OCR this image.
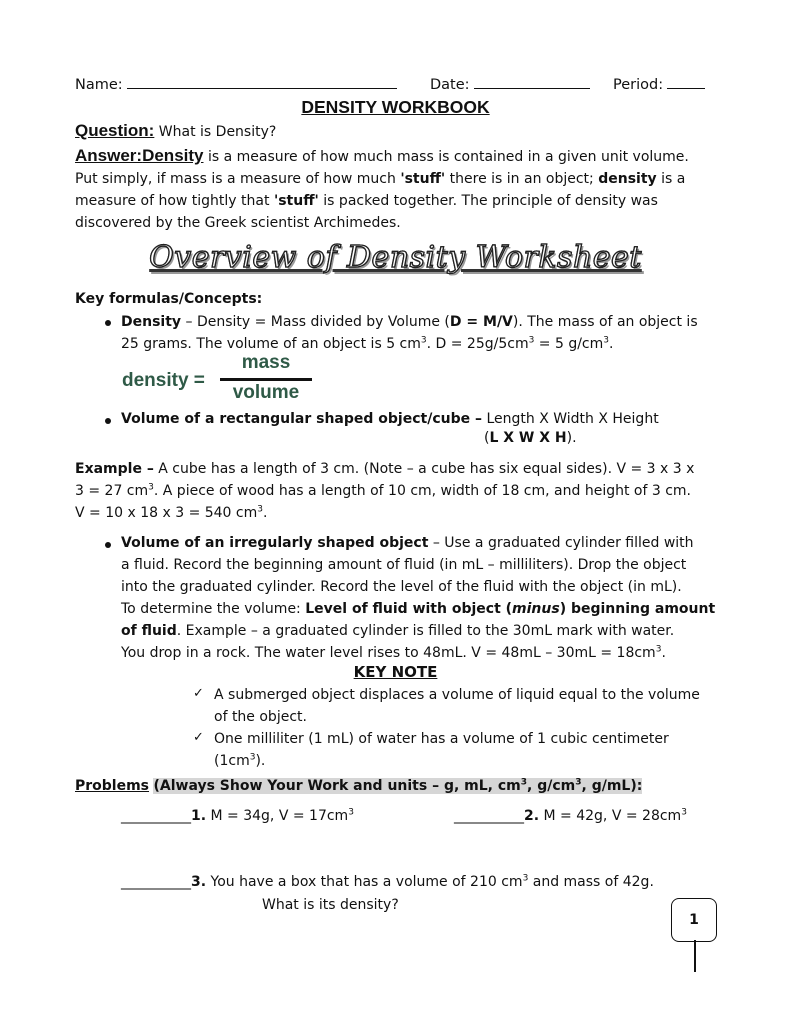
Name:	Date:	Period:
DENSITY WORKBOOK
Question: What is Density?
Answer:Density is a measure of how much mass is contained in a given unit volume.
Put simply, if mass is a measure of how much 'stuff' there is in an object; density is a
measure of how tightly that 'stuff' is packed together. The principle of density was
discovered by the Greek scientist Archimedes.
Overview of Density Worksheet
Key formulas/Concepts:
Density – Density = Mass divided by Volume (D = M/V). The mass of an object is
25 grams. The volume of an object is 5 $cm^3$. $D = 25g/5cm^3 = 5$ $g/cm^3$.
density =
mass
volume
Volume of a rectangular shaped object/cube – Length X Width X Height
(L X W X H).
Example – A cube has a length of 3 cm. (Note – a cube has six equal sides). V = 3 x 3 x
3 = 27 $cm^3$. A piece of wood has a length of 10 cm, width of 18 cm, and height of 3 cm.
V = 10 x 18 x 3 = 540 $cm^3$.
Volume of an irregularly shaped object – Use a graduated cylinder filled with
a fluid. Record the beginning amount of fluid (in mL – milliliters). Drop the object
into the graduated cylinder. Record the level of the fluid with the object (in mL).
To determine the volume: Level of fluid with object (minus) beginning amount
of fluid. Example – a graduated cylinder is filled to the 30mL mark with water.
You drop in a rock. The water level rises to 48mL. $V = 48mL - 30mL = 18cm^3$.
KEY NOTE
✓ A submerged object displaces a volume of liquid equal to the volume
of the object.
✓ One milliliter (1 mL) of water has a volume of 1 cubic centimeter
$(1cm^3)$.
Problems (Always Show Your Work and units – g, mL, $cm^3$, $g/cm^3$, g/mL):
__________1. M = 34g, $V = 17cm^3$	__________2. M = 42g, $V = 28cm^3$
__________3. You have a box that has a volume of 210 $cm^3$ and mass of 42g.
What is its density?
1
